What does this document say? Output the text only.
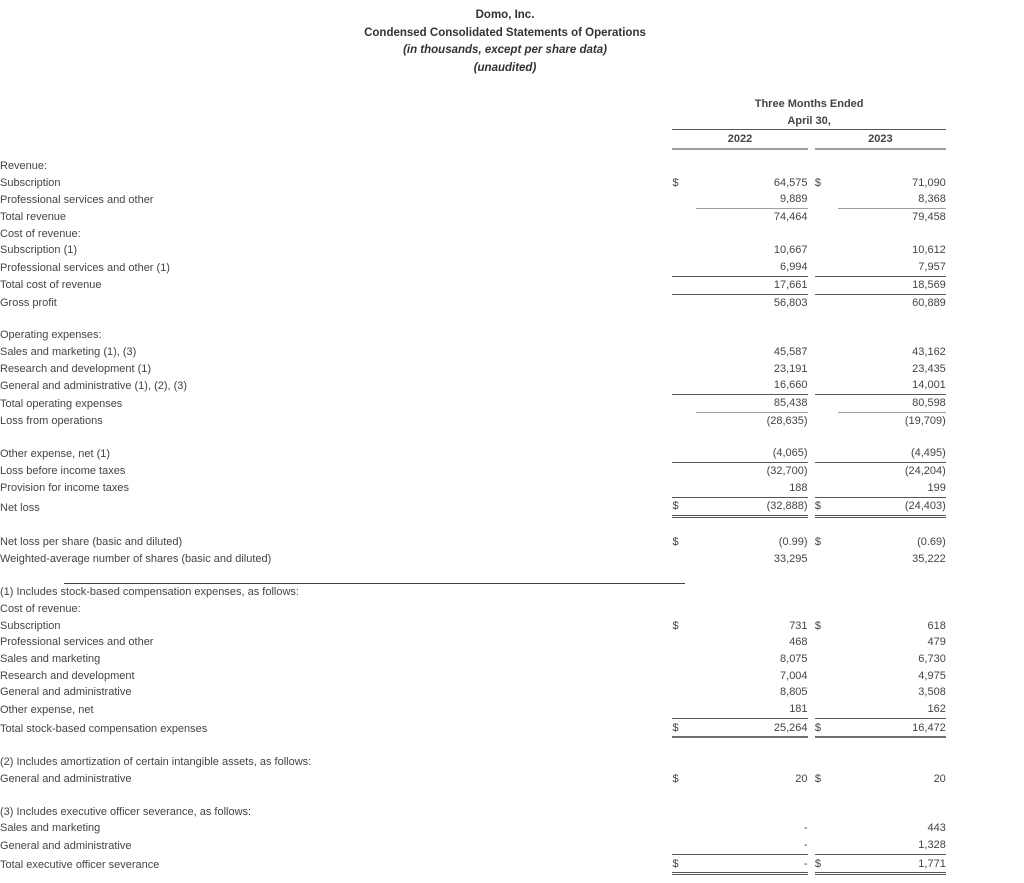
Domo, Inc.
Condensed Consolidated Statements of Operations
(in thousands, except per share data)
(unaudited)

		Three Months Ended					
		April 30,					
		2022			2023		

Revenue:							
Subscription		$	64,575		$	71,090	
Professional services and other			9,889			8,368	
Total revenue			74,464			79,458	
Cost of revenue:							
Subscription (1)			10,667			10,612	
Professional services and other (1)			6,994			7,957	
Total cost of revenue			17,661			18,569	
Gross profit			56,803			60,889	

Operating expenses:							
Sales and marketing (1), (3)			45,587			43,162	
Research and development (1)			23,191			23,435	
General and administrative (1), (2), (3)			16,660			14,001	
Total operating expenses			85,438			80,598	
Loss from operations			(28,635)			(19,709)	

Other expense, net (1)			(4,065)			(4,495)	
Loss before income taxes			(32,700)			(24,204)	
Provision for income taxes			188			199	
Net loss		$	(32,888)		$	(24,403)	

Net loss per share (basic and diluted)		$	(0.99)		$	(0.69)	
Weighted-average number of shares (basic and diluted)			33,295			35,222	

(1) Includes stock-based compensation expenses, as follows:							
Cost of revenue:							
Subscription		$	731		$	618	
Professional services and other			468			479	
Sales and marketing			8,075			6,730	
Research and development			7,004			4,975	
General and administrative			8,805			3,508	
Other expense, net			181			162	
Total stock-based compensation expenses		$	25,264		$	16,472	

(2) Includes amortization of certain intangible assets, as follows:							
General and administrative		$	20		$	20	

(3) Includes executive officer severance, as follows:							
Sales and marketing			-			443	
General and administrative			-			1,328	
Total executive officer severance		$	-		$	1,771	
